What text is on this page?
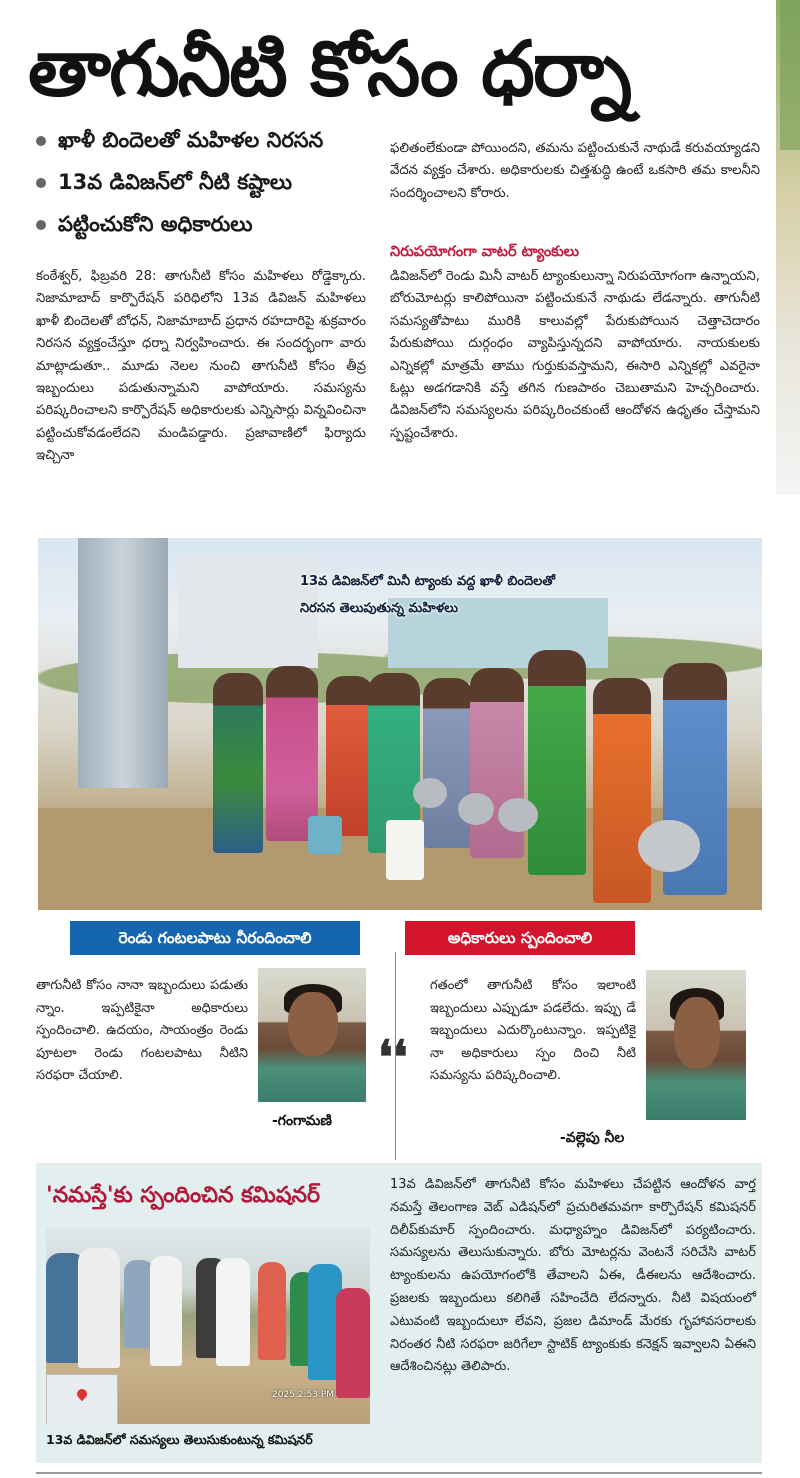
తాగునీటి కోసం ధర్నా
ఖాళీ బిందెలతో మహిళల నిరసన
13వ డివిజన్‌లో నీటి కష్టాలు
పట్టించుకోని అధికారులు
కంఠేశ్వర్‌, ఫిబ్రవరి 28: తాగునీటి కోసం మహిళలు రోడ్డెక్కారు. నిజామాబాద్‌ కార్పొరేషన్‌ పరిధిలోని 13వ డివిజన్‌ మహిళలు ఖాళీ బిందెలతో బోధన్‌, నిజామాబాద్‌ ప్రధాన రహదారిపై శుక్రవారం నిరసన వ్యక్తంచేస్తూ ధర్నా నిర్వహించారు. ఈ సందర్భంగా వారు మాట్లాడుతూ.. మూడు నెలల నుంచి తాగునీటి కోసం తీవ్ర ఇబ్బందులు పడుతున్నామని వాపోయారు. సమస్యను పరిష్కరించాలని కార్పొరేషన్‌ అధికారులకు ఎన్నిసార్లు విన్నవించినా పట్టించుకోవడంలేదని మండిపడ్డారు. ప్రజావాణిలో ఫిర్యాదు ఇచ్చినా
ఫలితంలేకుండా పోయిందని, తమను పట్టించుకునే నాథుడే కరువయ్యాడని వేదన వ్యక్తం చేశారు. అధికారులకు చిత్తశుద్ధి ఉంటే ఒకసారి తమ కాలనీని సందర్శించాలని కోరారు.
నిరుపయోగంగా వాటర్‌ ట్యాంకులు
డివిజన్‌లో రెండు మినీ వాటర్‌ ట్యాంకులున్నా నిరుపయోగంగా ఉన్నాయని, బోరుమోటర్లు కాలిపోయినా పట్టించుకునే నాథుడు లేడన్నారు. తాగునీటి సమస్యతోపాటు మురికి కాలువల్లో పేరుకుపోయిన చెత్తాచెదారం పేరుకుపోయి దుర్గంధం వ్యాపిస్తున్నదని వాపోయారు. నాయకులకు ఎన్నికల్లో మాత్రమే తాము గుర్తుకువస్తామని, ఈసారి ఎన్నికల్లో ఎవరైనా ఓట్లు అడగడానికి వస్తే తగిన గుణపాఠం చెబుతామని హెచ్చరించారు. డివిజన్‌లోని సమస్యలను పరిష్కరించకుంటే ఆందోళన ఉధృతం చేస్తామని స్పష్టంచేశారు.
13వ డివిజన్‌లో మినీ ట్యాంకు వద్ద ఖాళీ బిందెలతో నిరసన తెలుపుతున్న మహిళలు
రెండు గంటలపాటు నీరందించాలి	అధికారులు స్పందించాలి
తాగునీటి కోసం నానా ఇబ్బందులు పడుతు న్నాం. ఇప్పటికైనా అధికారులు స్పందించాలి. ఉదయం, సాయంత్రం రెండు పూటలా రెండు గంటలపాటు నీటిని సరఫరా చేయాలి.
-గంగామణి
❛❛
గతంలో తాగునీటి కోసం ఇలాంటి ఇబ్బందులు ఎప్పుడూ పడలేదు. ఇప్పు డే ఇబ్బందులు ఎదుర్కొంటున్నాం. ఇప్పటికై నా అధికారులు స్పం దించి నీటి సమస్యను పరిష్కరించాలి.
-వల్లెపు నీల
'నమస్తే'కు స్పందించిన కమిషనర్‌
2025 2:53 PM
13వ డివిజన్‌లో సమస్యలు తెలుసుకుంటున్న కమిషనర్‌
13వ డివిజన్‌లో తాగునీటి కోసం మహిళలు చేపట్టిన ఆందోళన వార్త నమస్తే తెలంగాణ వెబ్‌ ఎడిషన్‌లో ప్రచురితమవగా కార్పొరేషన్‌ కమిషనర్‌ దిలీప్‌కుమార్‌ స్పందించారు. మధ్యాహ్నం డివిజన్‌లో పర్యటించారు. సమస్యలను తెలుసుకున్నారు. బోరు మోటర్లను వెంటనే సరిచేసి వాటర్‌ ట్యాంకులను ఉపయోగంలోకి తేవాలని ఏఈ, డీఈలను ఆదేశించారు. ప్రజలకు ఇబ్బందులు కలిగితే సహించేది లేదన్నారు. నీటి విషయంలో ఎటువంటి ఇబ్బందులూ లేవని, ప్రజల డిమాండ్‌ మేరకు గృహావసరాలకు నిరంతర నీటి సరఫరా జరిగేలా స్టాటిక్‌ ట్యాంకుకు కనెక్షన్‌ ఇవ్వాలని ఏఈని ఆదేశించినట్లు తెలిపారు.
